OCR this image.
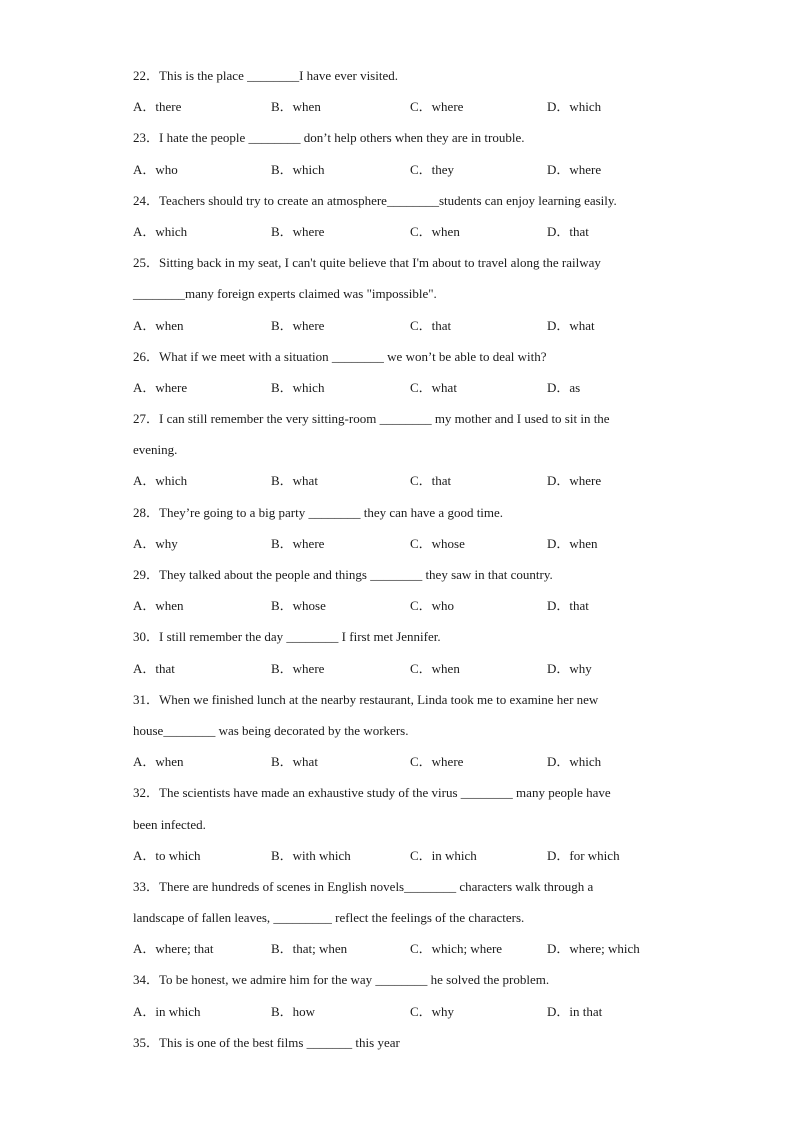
22．This is the place ________I have ever visited.
A．there	B．when	C．where	D．which
23．I hate the people ________ don’t help others when they are in trouble.
A．who	B．which	C．they	D．where
24．Teachers should try to create an atmosphere________students can enjoy learning easily.
A．which	B．where	C．when	D．that
25．Sitting back in my seat, I can't quite believe that I'm about to travel along the railway
________many foreign experts claimed was "impossible".
A．when	B．where	C．that	D．what
26．What if we meet with a situation ________ we won’t be able to deal with?
A．where	B．which	C．what	D．as
27．I can still remember the very sitting-room ________ my mother and I used to sit in the
evening.
A．which	B．what	C．that	D．where
28．They’re going to a big party ________ they can have a good time.
A．why	B．where	C．whose	D．when
29．They talked about the people and things ________ they saw in that country.
A．when	B．whose	C．who	D．that
30．I still remember the day ________ I first met Jennifer.
A．that	B．where	C．when	D．why
31．When we finished lunch at the nearby restaurant, Linda took me to examine her new
house________ was being decorated by the workers.
A．when	B．what	C．where	D．which
32．The scientists have made an exhaustive study of the virus ________ many people have
been infected.
A．to which	B．with which	C．in which	D．for which
33．There are hundreds of scenes in English novels________ characters walk through a
landscape of fallen leaves, _________ reflect the feelings of the characters.
A．where; that	B．that; when	C．which; where	D．where; which
34．To be honest, we admire him for the way ________ he solved the problem.
A．in which	B．how	C．why	D．in that
35．This is one of the best films _______ this year
